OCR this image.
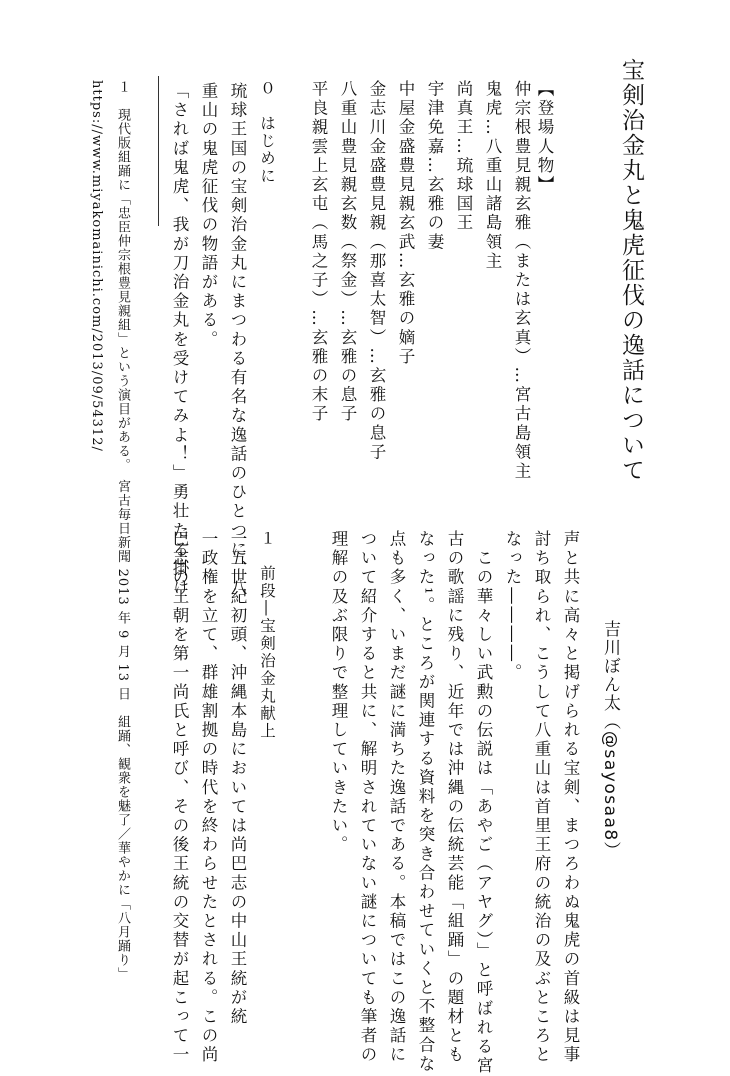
宝剣治金丸と鬼虎征伐の逸話について
吉川ぼん太（@sayosaa8）
【登場人物】
仲宗根豊見親玄雅（または玄真）…宮古島領主
鬼虎…八重山諸島領主
尚真王…琉球国王
宇津免嘉…玄雅の妻
中屋金盛豊見親玄武…玄雅の嫡子
金志川金盛豊見親（那喜太智）…玄雅の息子
八重山豊見親玄数（祭金）…玄雅の息子
平良親雲上玄屯（馬之子）…玄雅の末子
０　はじめに
琉球王国の宝剣治金丸にまつわる有名な逸話のひとつに、八
重山の鬼虎征伐の物語がある。
「されば鬼虎、我が刀治金丸を受けてみよ！」勇壮たる掛け
１　現代版組踊に「忠臣仲宗根豊見親組」という演目がある。　宮古毎日新聞 2013 年 9 月 13 日　組踊、観衆を魅了／華やかに「八月踊り」
https://www.miyakomainichi.com/2013/09/54312/
声と共に高々と掲げられる宝剣、まつろわぬ鬼虎の首級は見事
討ち取られ、こうして八重山は首里王府の統治の及ぶところと
なった――――。
　この華々しい武勲の伝説は「あやご（アヤグ）」と呼ばれる宮
古の歌謡に残り、近年では沖縄の伝統芸能「組踊」の題材とも
なった¹。ところが関連する資料を突き合わせていくと不整合な
点も多く、いまだ謎に満ちた逸話である。本稿ではこの逸話に
ついて紹介すると共に、解明されていない謎についても筆者の
理解の及ぶ限りで整理していきたい。
１　前段―宝剣治金丸献上
一五世紀初頭、沖縄本島においては尚巴志の中山王統が統
一政権を立て、群雄割拠の時代を終わらせたとされる。この尚
巴志の王朝を第一尚氏と呼び、その後王統の交替が起こって一
